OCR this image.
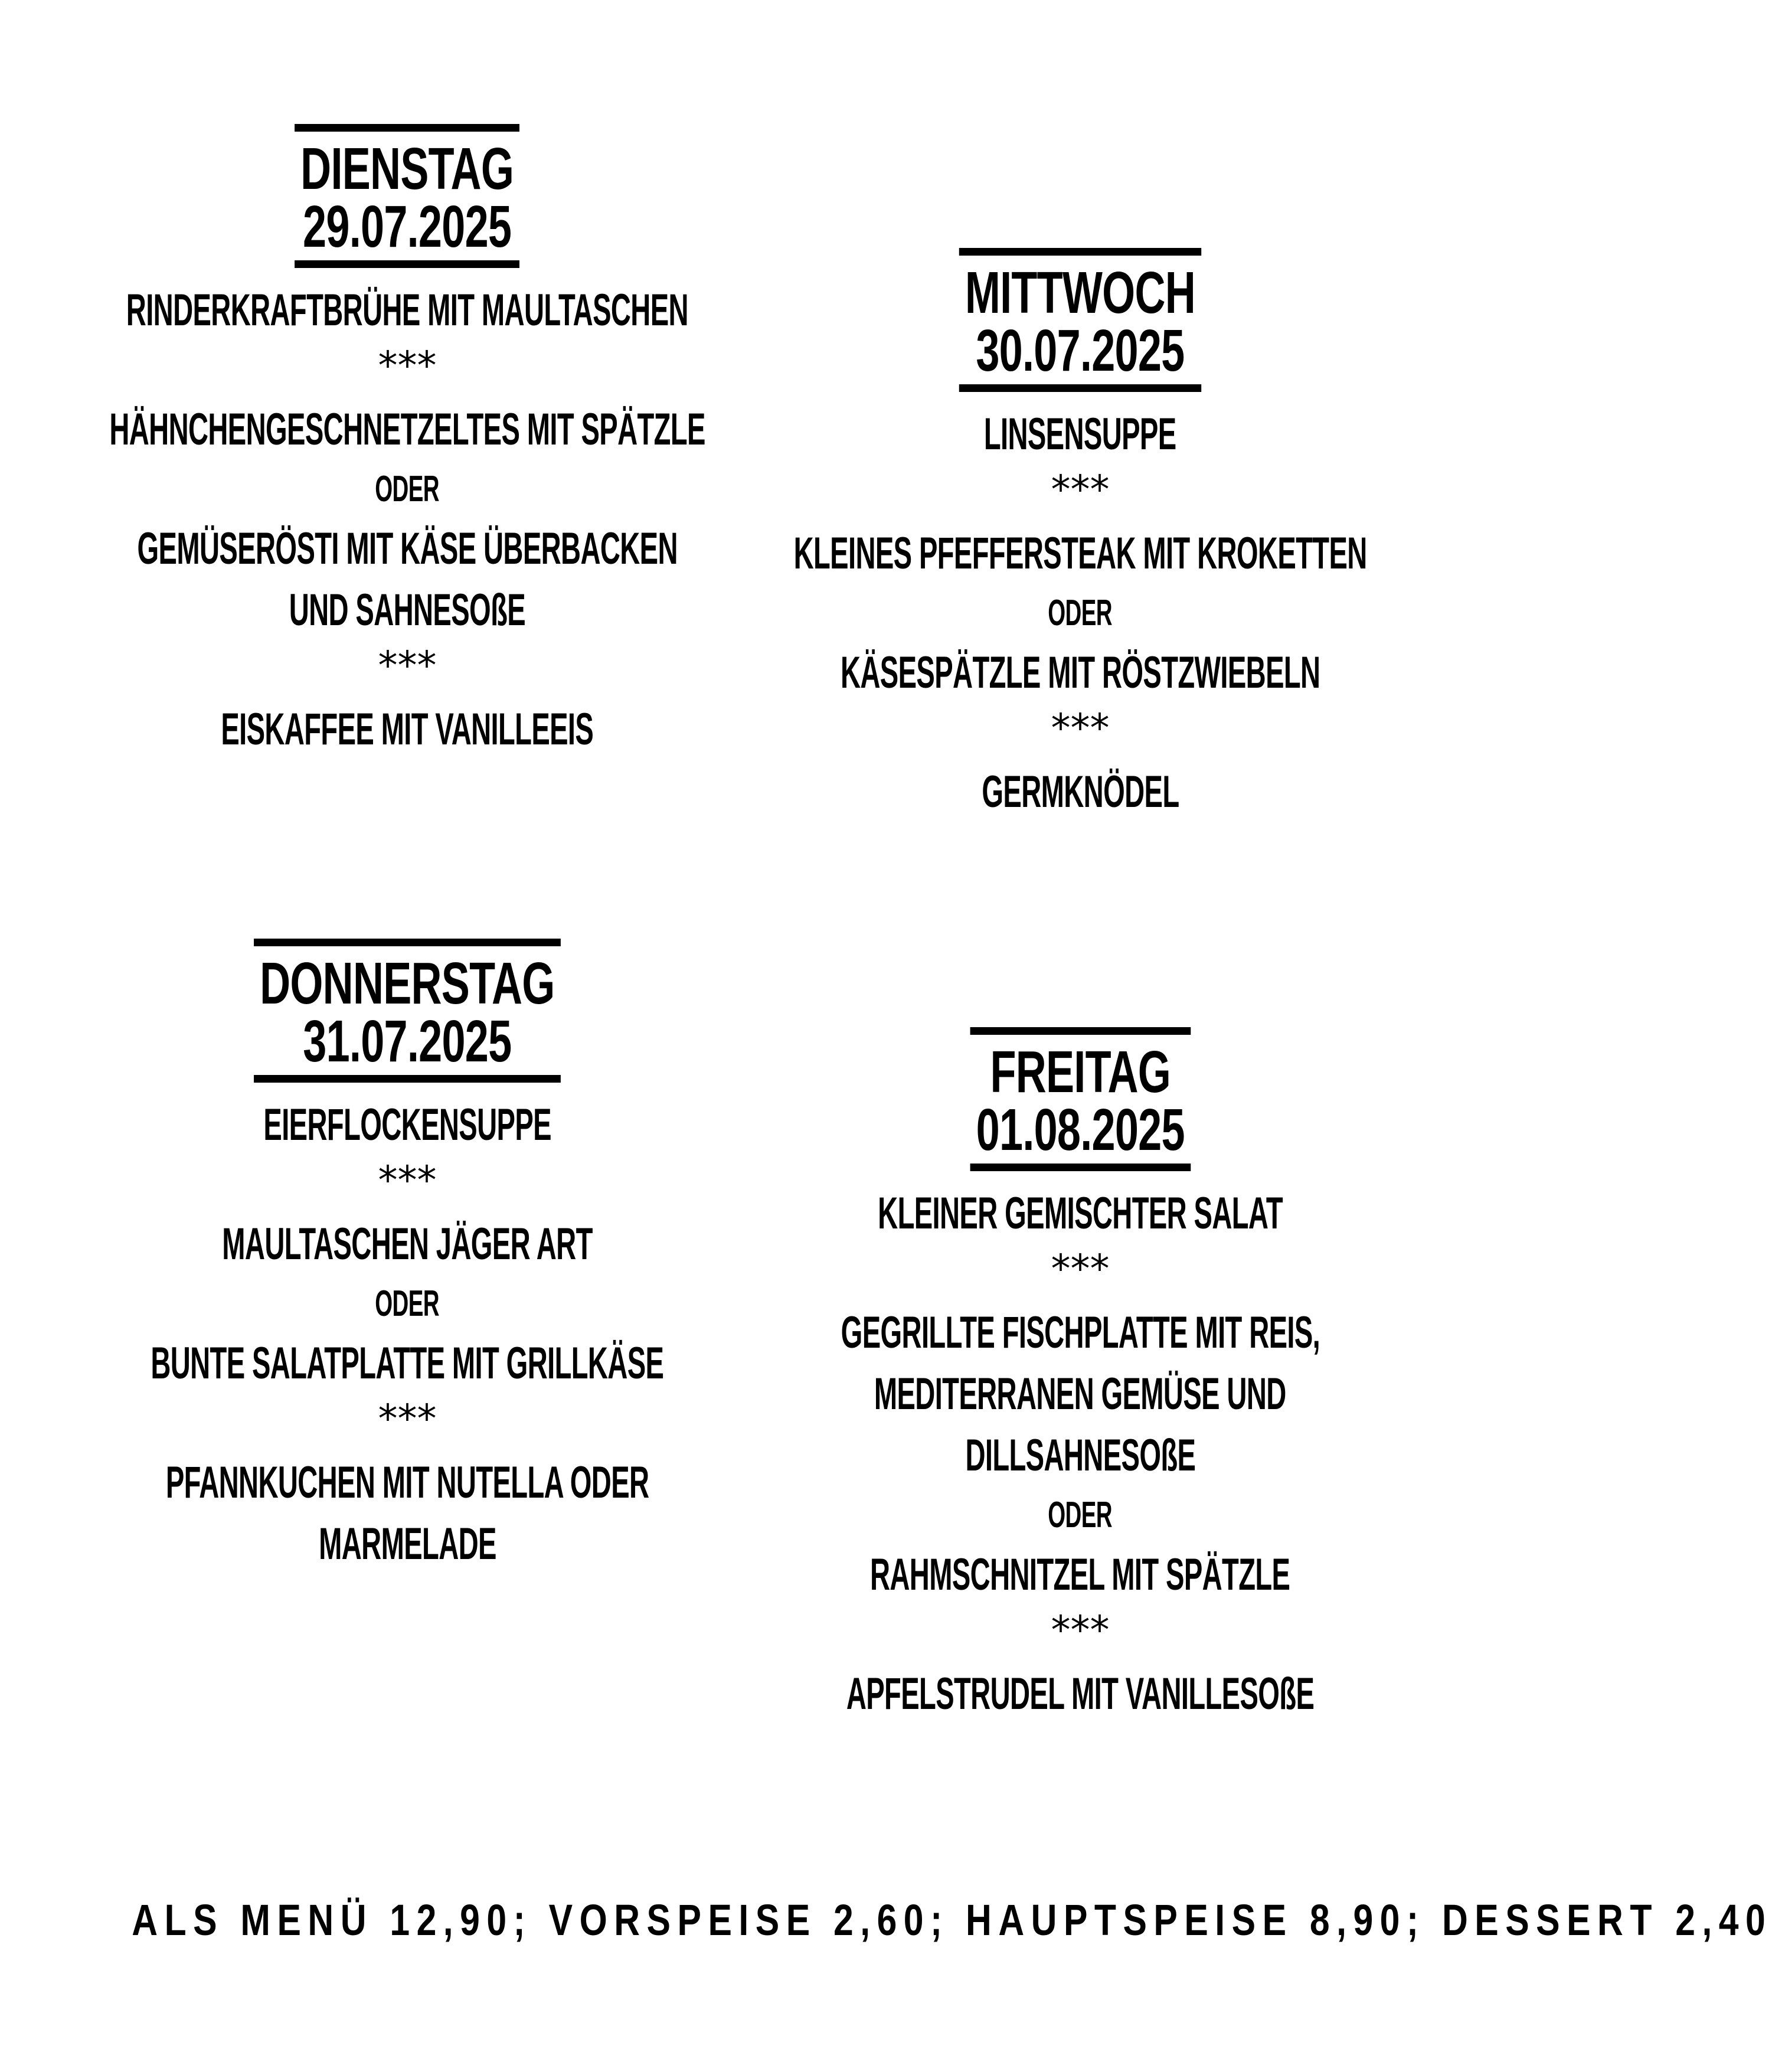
DIENSTAG
29.07.2025
RINDERKRAFTBRÜHE MIT MAULTASCHEN
***
HÄHNCHENGESCHNETZELTES MIT SPÄTZLE
ODER
GEMÜSERÖSTI MIT KÄSE ÜBERBACKEN
UND SAHNESOßE
***
EISKAFFEE MIT VANILLEEIS
MITTWOCH
30.07.2025
LINSENSUPPE
***
KLEINES PFEFFERSTEAK MIT KROKETTEN
ODER
KÄSESPÄTZLE MIT RÖSTZWIEBELN
***
GERMKNÖDEL
DONNERSTAG
31.07.2025
EIERFLOCKENSUPPE
***
MAULTASCHEN JÄGER ART
ODER
BUNTE SALATPLATTE MIT GRILLKÄSE
***
PFANNKUCHEN MIT NUTELLA ODER
MARMELADE
FREITAG
01.08.2025
KLEINER GEMISCHTER SALAT
***
GEGRILLTE FISCHPLATTE MIT REIS,
MEDITERRANEN GEMÜSE UND
DILLSAHNESOßE
ODER
RAHMSCHNITZEL MIT SPÄTZLE
***
APFELSTRUDEL MIT VANILLESOßE
ALS MENÜ 12,90; VORSPEISE 2,60; HAUPTSPEISE 8,90; DESSERT 2,40
